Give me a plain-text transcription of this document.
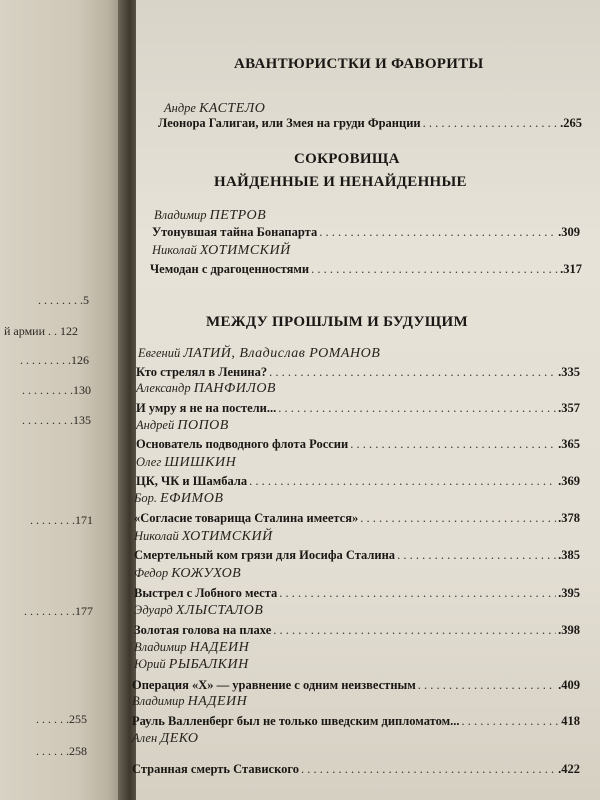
. . . . . . . .5
й армии . . 122
. . . . . . . . .126
. . . . . . . . .130
. . . . . . . . .135
. . . . . . . .171
. . . . . . . . .177
. . . . . .255
. . . . . .258
АВАНТЮРИСТКИ И ФАВОРИТЫ
Андре КАСТЕЛО
Леонора Галигаи, или Змея на груди Франции . . .	.265
СОКРОВИЩА
НАЙДЕННЫЕ И НЕНАЙДЕННЫЕ
Владимир ПЕТРОВ
Утонувшая тайна Бонапарта . . .	.309
Николай ХОТИМСКИЙ
Чемодан с драгоценностями . . .	.317
МЕЖДУ ПРОШЛЫМ И БУДУЩИМ
Евгений ЛАТИЙ, Владислав РОМАНОВ
Кто стрелял в Ленина? . . .	.335
Александр ПАНФИЛОВ
И умру я не на постели... . . .	.357
Андрей ПОПОВ
Основатель подводного флота России . . .	.365
Олег ШИШКИН
ЦК, ЧК и Шамбала . . .	.369
Бор. ЕФИМОВ
«Согласие товарища Сталина имеется» . . .	.378
Николай ХОТИМСКИЙ
Смертельный ком грязи для Иосифа Сталина . . .	.385
Федор КОЖУХОВ
Выстрел с Лобного места . . .	.395
Эдуард ХЛЫСТАЛОВ
Золотая голова на плахе . . .	.398
Владимир НАДЕИН
Юрий РЫБАЛКИН
Операция «Х» — уравнение с одним неизвестным . . .	.409
Владимир НАДЕИН
Рауль Валленберг был не только шведским дипломатом... . . .	418
Ален ДЕКО
Странная смерть Ставиского . . .	.422
